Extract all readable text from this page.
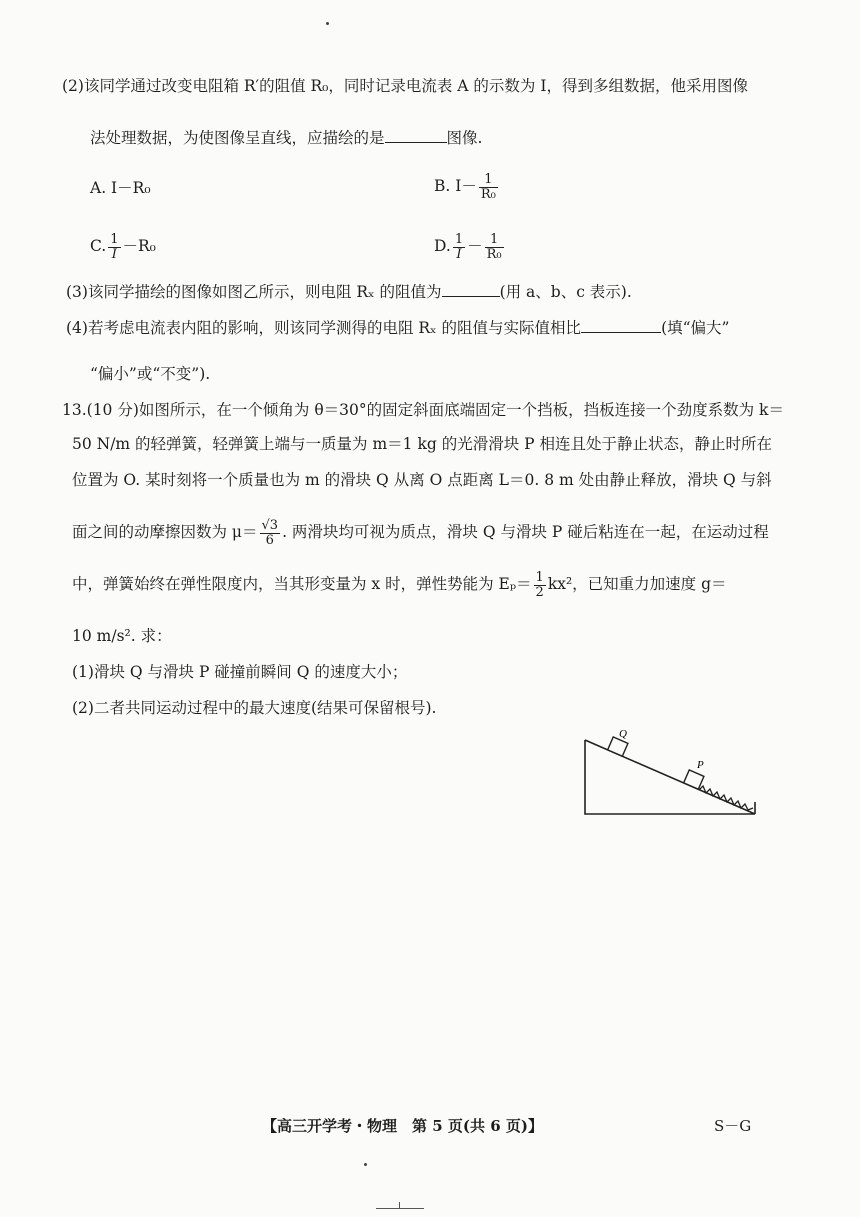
(2)该同学通过改变电阻箱 R′的阻值 R₀，同时记录电流表 A 的示数为 I，得到多组数据，他采用图像
法处理数据，为使图像呈直线，应描绘的是	图像.
A. I－R₀	B. $I- \frac{1}{\text{R₀}}$
C. $\frac{1}{I} -R_0$	D. $\frac{1}{I} - \frac{1}{\text{R₀}}$
(3)该同学描绘的图像如图乙所示，则电阻 Rₓ 的阻值为	(用 a、b、c 表示).
(4)若考虑电流表内阻的影响，则该同学测得的电阻 Rₓ 的阻值与实际值相比	(填“偏大”
“偏小”或“不变”).
13.(10 分)如图所示，在一个倾角为 θ＝30°的固定斜面底端固定一个挡板，挡板连接一个劲度系数为 k＝
50 N/m 的轻弹簧，轻弹簧上端与一质量为 m＝1 kg 的光滑滑块 P 相连且处于静止状态，静止时所在
位置为 O. 某时刻将一个质量也为 m 的滑块 Q 从离 O 点距离 L＝0. 8 m 处由静止释放，滑块 Q 与斜
面之间的动摩擦因数为 $\mu= \frac{√3}{6}$ . 两滑块均可视为质点，滑块 Q 与滑块 P 碰后粘连在一起，在运动过程
中，弹簧始终在弹性限度内，当其形变量为 x 时，弹性势能为 $E_p= \frac{1}{2} kx^2$，已知重力加速度 g＝
10 m/s². 求：
(1)滑块 Q 与滑块 P 碰撞前瞬间 Q 的速度大小；
(2)二者共同运动过程中的最大速度(结果可保留根号).
Q
P
【高三开学考・物理　第 5 页(共 6 页)】	S－G
